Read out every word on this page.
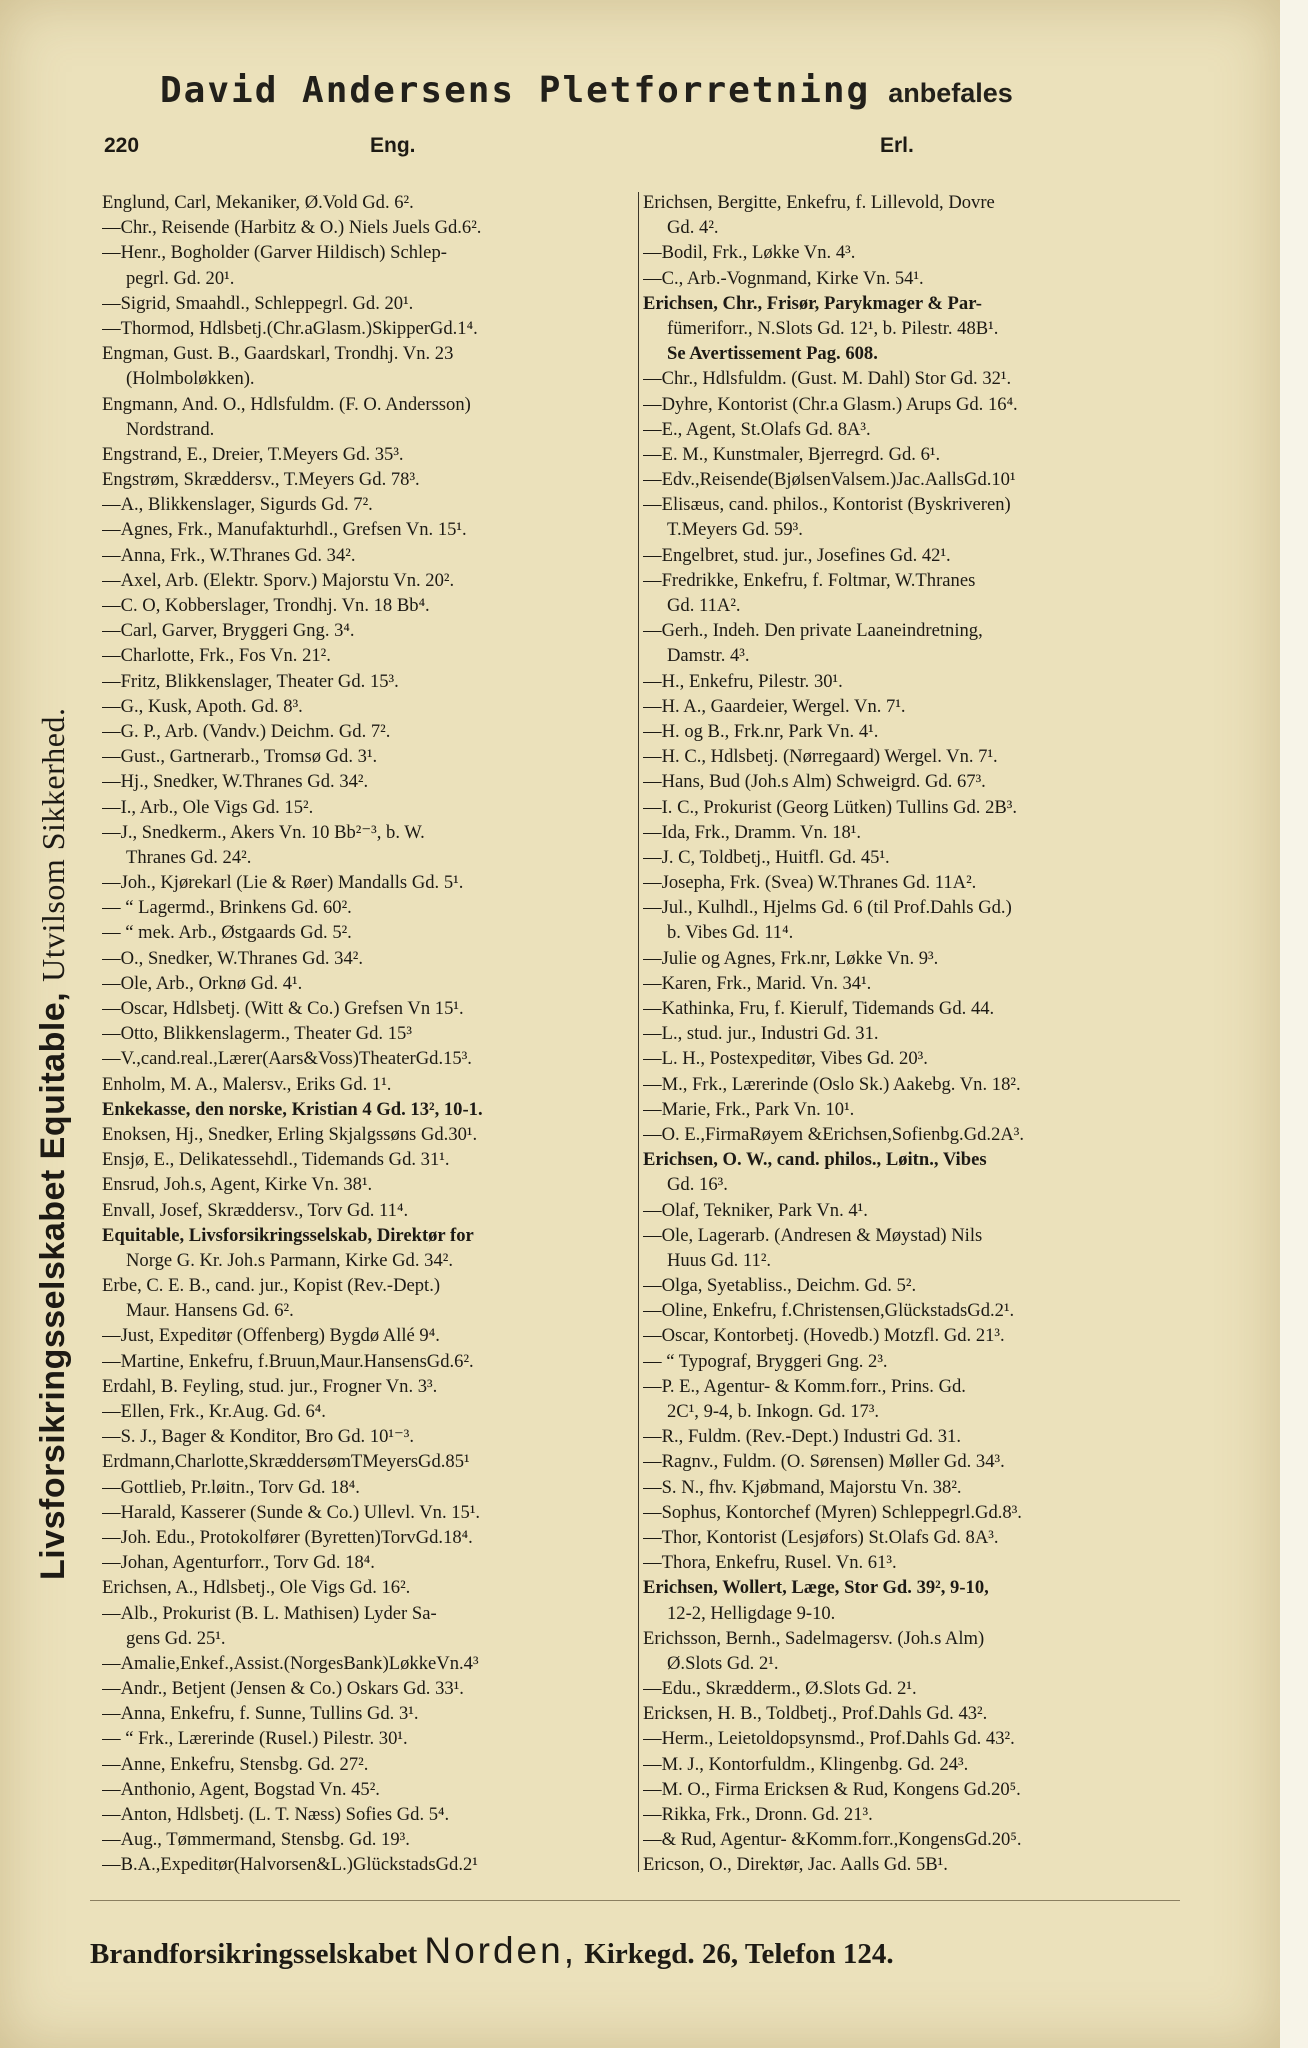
David Andersens Pletforretning anbefales
220	Eng.	Erl.
Livsforsikringsselskabet Equitable, Utvilsom Sikkerhed.
Englund, Carl, Mekaniker, Ø.Vold Gd. 6².
—Chr., Reisende (Harbitz & O.) Niels Juels Gd.6².
—Henr., Bogholder (Garver Hildisch) Schlep-
pegrl. Gd. 20¹.
—Sigrid, Smaahdl., Schleppegrl. Gd. 20¹.
—Thormod, Hdlsbetj.(Chr.aGlasm.)SkipperGd.1⁴.
Engman, Gust. B., Gaardskarl, Trondhj. Vn. 23
(Holmboløkken).
Engmann, And. O., Hdlsfuldm. (F. O. Andersson)
Nordstrand.
Engstrand, E., Dreier, T.Meyers Gd. 35³.
Engstrøm, Skræddersv., T.Meyers Gd. 78³.
—A., Blikkenslager, Sigurds Gd. 7².
—Agnes, Frk., Manufakturhdl., Grefsen Vn. 15¹.
—Anna, Frk., W.Thranes Gd. 34².
—Axel, Arb. (Elektr. Sporv.) Majorstu Vn. 20².
—C. O, Kobberslager, Trondhj. Vn. 18 Bb⁴.
—Carl, Garver, Bryggeri Gng. 3⁴.
—Charlotte, Frk., Fos Vn. 21².
—Fritz, Blikkenslager, Theater Gd. 15³.
—G., Kusk, Apoth. Gd. 8³.
—G. P., Arb. (Vandv.) Deichm. Gd. 7².
—Gust., Gartnerarb., Tromsø Gd. 3¹.
—Hj., Snedker, W.Thranes Gd. 34².
—I., Arb., Ole Vigs Gd. 15².
—J., Snedkerm., Akers Vn. 10 Bb²⁻³, b. W.
Thranes Gd. 24².
—Joh., Kjørekarl (Lie & Røer) Mandalls Gd. 5¹.
— “ Lagermd., Brinkens Gd. 60².
— “ mek. Arb., Østgaards Gd. 5².
—O., Snedker, W.Thranes Gd. 34².
—Ole, Arb., Orknø Gd. 4¹.
—Oscar, Hdlsbetj. (Witt & Co.) Grefsen Vn 15¹.
—Otto, Blikkenslagerm., Theater Gd. 15³
—V.,cand.real.,Lærer(Aars&Voss)TheaterGd.15³.
Enholm, M. A., Malersv., Eriks Gd. 1¹.
Enkekasse, den norske, Kristian 4 Gd. 13², 10-1.
Enoksen, Hj., Snedker, Erling Skjalgssøns Gd.30¹.
Ensjø, E., Delikatessehdl., Tidemands Gd. 31¹.
Ensrud, Joh.s, Agent, Kirke Vn. 38¹.
Envall, Josef, Skræddersv., Torv Gd. 11⁴.
Equitable, Livsforsikringsselskab, Direktør for
Norge G. Kr. Joh.s Parmann, Kirke Gd. 34².
Erbe, C. E. B., cand. jur., Kopist (Rev.-Dept.)
Maur. Hansens Gd. 6².
—Just, Expeditør (Offenberg) Bygdø Allé 9⁴.
—Martine, Enkefru, f.Bruun,Maur.HansensGd.6².
Erdahl, B. Feyling, stud. jur., Frogner Vn. 3³.
—Ellen, Frk., Kr.Aug. Gd. 6⁴.
—S. J., Bager & Konditor, Bro Gd. 10¹⁻³.
Erdmann,Charlotte,SkræddersømTMeyersGd.85¹
—Gottlieb, Pr.løitn., Torv Gd. 18⁴.
—Harald, Kasserer (Sunde & Co.) Ullevl. Vn. 15¹.
—Joh. Edu., Protokolfører (Byretten)TorvGd.18⁴.
—Johan, Agenturforr., Torv Gd. 18⁴.
Erichsen, A., Hdlsbetj., Ole Vigs Gd. 16².
—Alb., Prokurist (B. L. Mathisen) Lyder Sa-
gens Gd. 25¹.
—Amalie,Enkef.,Assist.(NorgesBank)LøkkeVn.4³
—Andr., Betjent (Jensen & Co.) Oskars Gd. 33¹.
—Anna, Enkefru, f. Sunne, Tullins Gd. 3¹.
— “ Frk., Lærerinde (Rusel.) Pilestr. 30¹.
—Anne, Enkefru, Stensbg. Gd. 27².
—Anthonio, Agent, Bogstad Vn. 45².
—Anton, Hdlsbetj. (L. T. Næss) Sofies Gd. 5⁴.
—Aug., Tømmermand, Stensbg. Gd. 19³.
—B.A.,Expeditør(Halvorsen&L.)GlückstadsGd.2¹
Erichsen, Bergitte, Enkefru, f. Lillevold, Dovre
Gd. 4².
—Bodil, Frk., Løkke Vn. 4³.
—C., Arb.-Vognmand, Kirke Vn. 54¹.
Erichsen, Chr., Frisør, Parykmager & Par-
fümeriforr., N.Slots Gd. 12¹, b. Pilestr. 48B¹.
Se Avertissement Pag. 608.
—Chr., Hdlsfuldm. (Gust. M. Dahl) Stor Gd. 32¹.
—Dyhre, Kontorist (Chr.a Glasm.) Arups Gd. 16⁴.
—E., Agent, St.Olafs Gd. 8A³.
—E. M., Kunstmaler, Bjerregrd. Gd. 6¹.
—Edv.,Reisende(BjølsenValsem.)Jac.AallsGd.10¹
—Elisæus, cand. philos., Kontorist (Byskriveren)
T.Meyers Gd. 59³.
—Engelbret, stud. jur., Josefines Gd. 42¹.
—Fredrikke, Enkefru, f. Foltmar, W.Thranes
Gd. 11A².
—Gerh., Indeh. Den private Laaneindretning,
Damstr. 4³.
—H., Enkefru, Pilestr. 30¹.
—H. A., Gaardeier, Wergel. Vn. 7¹.
—H. og B., Frk.nr, Park Vn. 4¹.
—H. C., Hdlsbetj. (Nørregaard) Wergel. Vn. 7¹.
—Hans, Bud (Joh.s Alm) Schweigrd. Gd. 67³.
—I. C., Prokurist (Georg Lütken) Tullins Gd. 2B³.
—Ida, Frk., Dramm. Vn. 18¹.
—J. C, Toldbetj., Huitfl. Gd. 45¹.
—Josepha, Frk. (Svea) W.Thranes Gd. 11A².
—Jul., Kulhdl., Hjelms Gd. 6 (til Prof.Dahls Gd.)
b. Vibes Gd. 11⁴.
—Julie og Agnes, Frk.nr, Løkke Vn. 9³.
—Karen, Frk., Marid. Vn. 34¹.
—Kathinka, Fru, f. Kierulf, Tidemands Gd. 44.
—L., stud. jur., Industri Gd. 31.
—L. H., Postexpeditør, Vibes Gd. 20³.
—M., Frk., Lærerinde (Oslo Sk.) Aakebg. Vn. 18².
—Marie, Frk., Park Vn. 10¹.
—O. E.,FirmaRøyem &Erichsen,Sofienbg.Gd.2A³.
Erichsen, O. W., cand. philos., Løitn., Vibes
Gd. 16³.
—Olaf, Tekniker, Park Vn. 4¹.
—Ole, Lagerarb. (Andresen & Møystad) Nils
Huus Gd. 11².
—Olga, Syetabliss., Deichm. Gd. 5².
—Oline, Enkefru, f.Christensen,GlückstadsGd.2¹.
—Oscar, Kontorbetj. (Hovedb.) Motzfl. Gd. 21³.
— “ Typograf, Bryggeri Gng. 2³.
—P. E., Agentur- & Komm.forr., Prins. Gd.
2C¹, 9-4, b. Inkogn. Gd. 17³.
—R., Fuldm. (Rev.-Dept.) Industri Gd. 31.
—Ragnv., Fuldm. (O. Sørensen) Møller Gd. 34³.
—S. N., fhv. Kjøbmand, Majorstu Vn. 38².
—Sophus, Kontorchef (Myren) Schleppegrl.Gd.8³.
—Thor, Kontorist (Lesjøfors) St.Olafs Gd. 8A³.
—Thora, Enkefru, Rusel. Vn. 61³.
Erichsen, Wollert, Læge, Stor Gd. 39², 9-10,
12-2, Helligdage 9-10.
Erichsson, Bernh., Sadelmagersv. (Joh.s Alm)
Ø.Slots Gd. 2¹.
—Edu., Skrædderm., Ø.Slots Gd. 2¹.
Ericksen, H. B., Toldbetj., Prof.Dahls Gd. 43².
—Herm., Leietoldopsynsmd., Prof.Dahls Gd. 43².
—M. J., Kontorfuldm., Klingenbg. Gd. 24³.
—M. O., Firma Ericksen & Rud, Kongens Gd.20⁵.
—Rikka, Frk., Dronn. Gd. 21³.
—& Rud, Agentur- &Komm.forr.,KongensGd.20⁵.
Ericson, O., Direktør, Jac. Aalls Gd. 5B¹.
Brandforsikringsselskabet Norden, Kirkegd. 26, Telefon 124.
